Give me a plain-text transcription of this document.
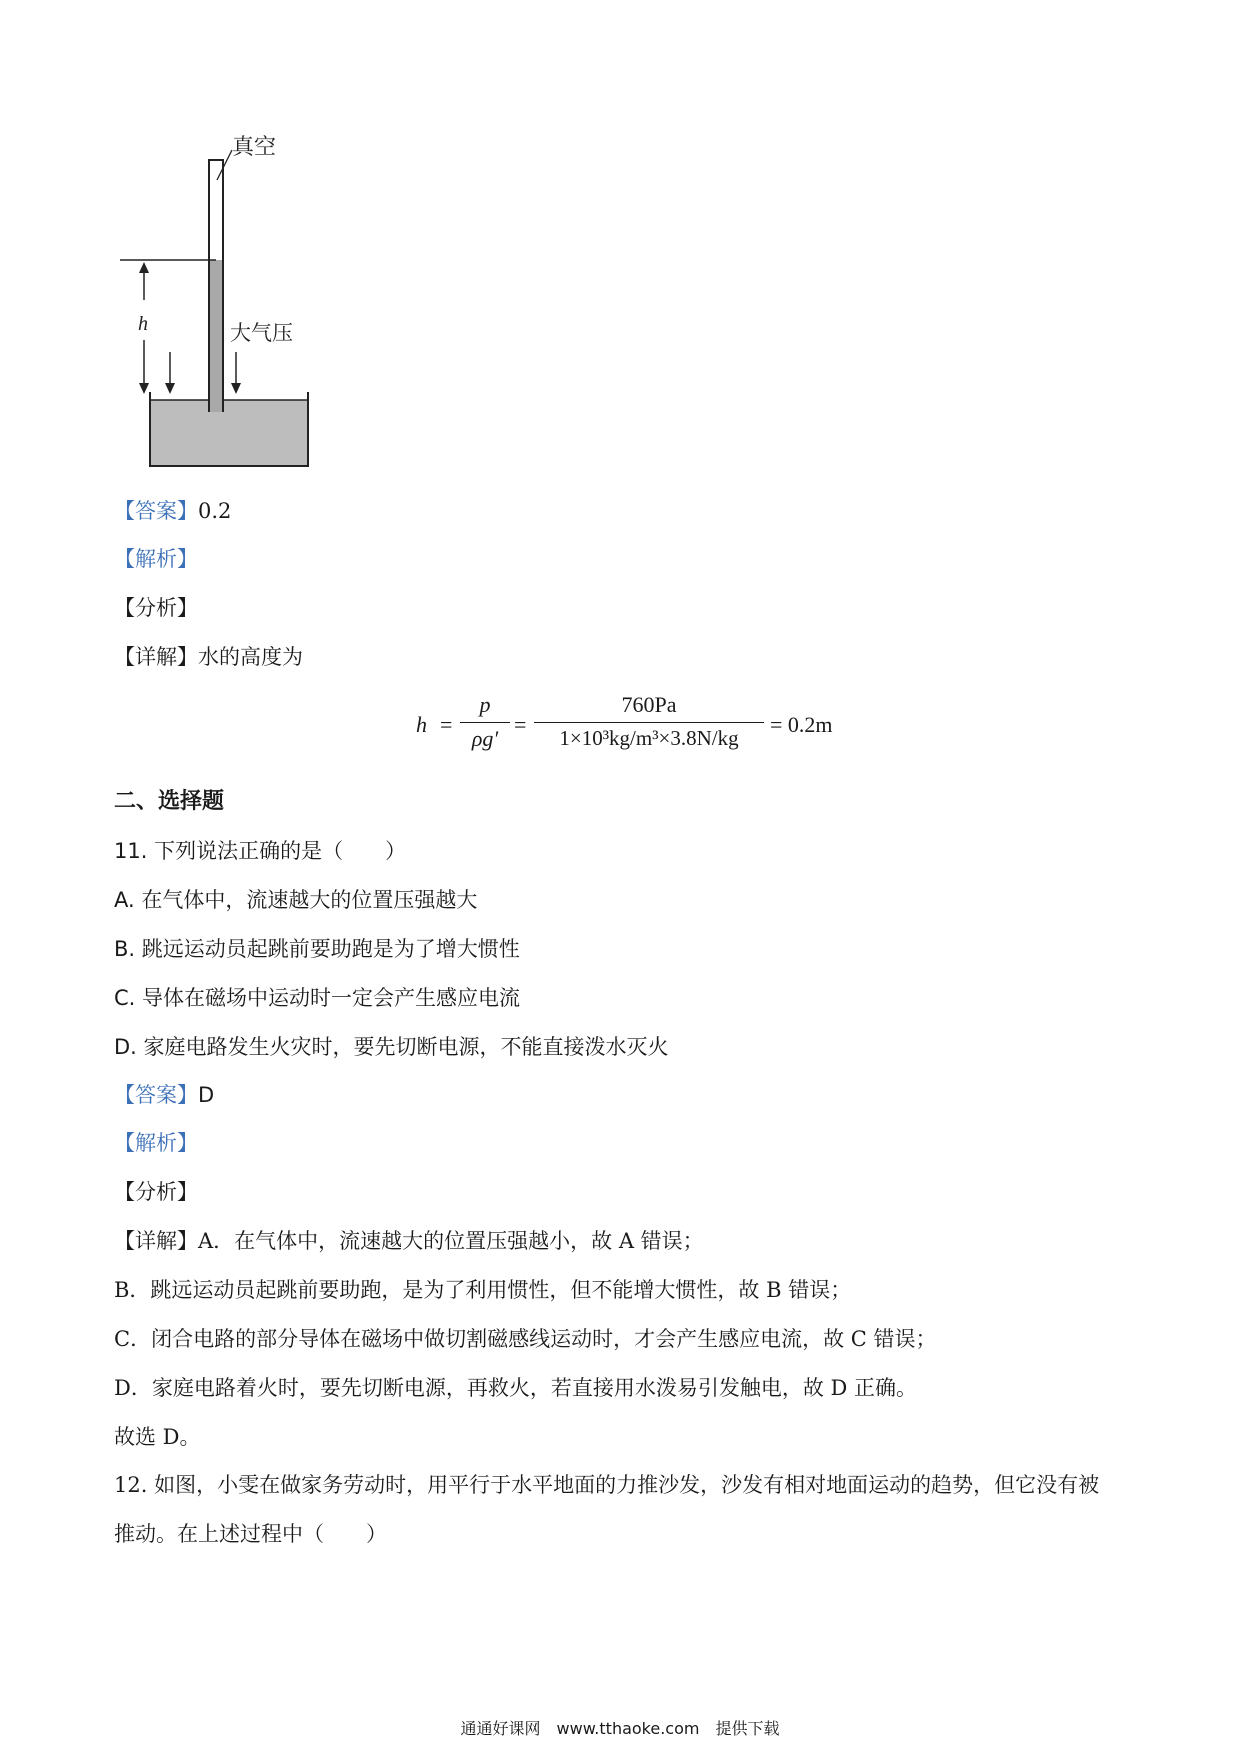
h
真空
大气压
【答案】0.2
【解析】
【分析】
【详解】水的高度为
h =
p
ρg′
=
760Pa
1×10³kg/m³×3.8N/kg
= 0.2m
二、选择题
11. 下列说法正确的是（　　）
A. 在气体中，流速越大的位置压强越大
B. 跳远运动员起跳前要助跑是为了增大惯性
C. 导体在磁场中运动时一定会产生感应电流
D. 家庭电路发生火灾时，要先切断电源，不能直接泼水灭火
【答案】D
【解析】
【分析】
【详解】A．在气体中，流速越大的位置压强越小，故 A 错误；
B．跳远运动员起跳前要助跑，是为了利用惯性，但不能增大惯性，故 B 错误；
C．闭合电路的部分导体在磁场中做切割磁感线运动时，才会产生感应电流，故 C 错误；
D．家庭电路着火时，要先切断电源，再救火，若直接用水泼易引发触电，故 D 正确。
故选 D。
12. 如图，小雯在做家务劳动时，用平行于水平地面的力推沙发，沙发有相对地面运动的趋势，但它没有被
推动。在上述过程中（　　）
通通好课网　www.tthaoke.com　提供下载
